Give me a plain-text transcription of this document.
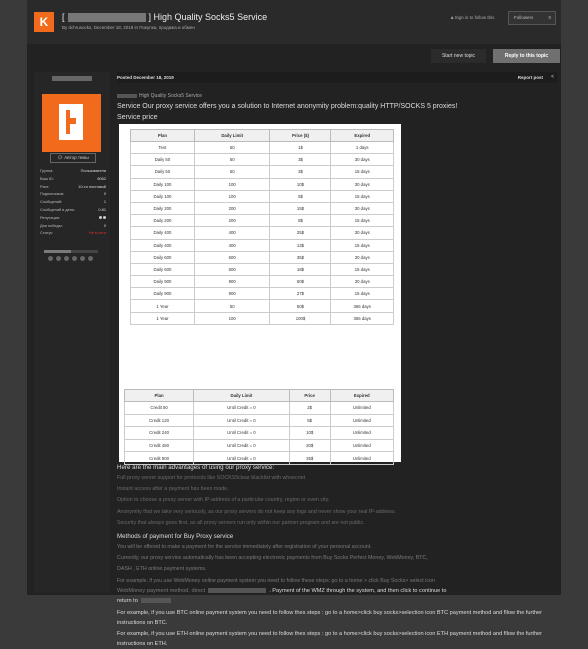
K	[	] High Quality Socks5 Service
By dchrusocks, December 18, 2019 in Покупка, продажа и обмен
🔒︎ Sign in to follow this	Followers	0
Start new topic	Reply to this topic
💬︎ Автор темы
Группа:	Пользователи
Ваш ID:	8062
Ранг:	10-ти постовый
Подписчиков	0
Сообщений:	1
Сообщений в день:	0.81
Репутация:
Дни победы:	0
Статус:	Не в сети
Posted December 18, 2019	Report post <
High Quality Socks5 Service
Service Our proxy service offers you a solution to Internet anonymity problem:quality HTTP/SOCKS 5 proxies!
Service price
Plan	Daily Limit	Price ($)	Expired
Test	50	1$	1 days
Daily 50	50	3$	30 days
Daily 50	50	3$	15 days
Daily 100	100	10$	30 days
Daily 100	100	5$	15 days
Daily 200	200	15$	30 days
Daily 200	200	8$	15 days
Daily 400	400	25$	30 days
Daily 400	400	13$	15 days
Daily 600	600	35$	30 days
Daily 600	600	18$	15 days
Daily 900	900	50$	30 days
Daily 900	900	27$	15 days
1 Year	50	50$	365 days
1 Year	100	100$	365 days
Plan	Daily Limit	Price	Expired
Credit 50	Until Credit = 0	2$	Unlimited
Credit 120	Until Credit = 0	5$	Unlimited
Credit 240	Until Credit = 0	10$	Unlimited
Credit 450	Until Credit = 0	20$	Unlimited
Credit 900	Until Credit = 0	35$	Unlimited
Here are the main advantages of using our proxy service:
Full proxy server support for protocols like SOCKS5clear blacklist with whoecnet
Instant access after a payment has been made.
Option to choose a proxy server with IP-address of a particular country, region or even city.
Anonymity that we take very seriously, as our proxy servers do not keep any logs and never show your real IP-address.
Security that always goes first, as all proxy servers run only within our partner program and are not public.
Methods of payment for Buy Proxy service
You will be offered to make a payment for the service immediately after registration of your personal account.
Currently, our proxy service automatically has been accepting electronic payments from Buy Socks Perfect Money, WebMoney, BTC,
DASH , ETH online payment systems.
For example, if you use WebMoney online payment system you need to follow these steps: go to a home > click Buy Socks> select icon
WebMoney payment method, direct	. Payment of the WMZ through the system, and then click to continue to
return to
For example, if you use BTC online payment system you need to follow thes steps : go to a home>click buy socks>selection icon BTC payment method and fllow the further instructions on BTC.
For example, if you use ETH online payment system you need to follow thes steps : go to a home>click buy socks>selection icon ETH payment method and fllow the further instructions on ETH.
